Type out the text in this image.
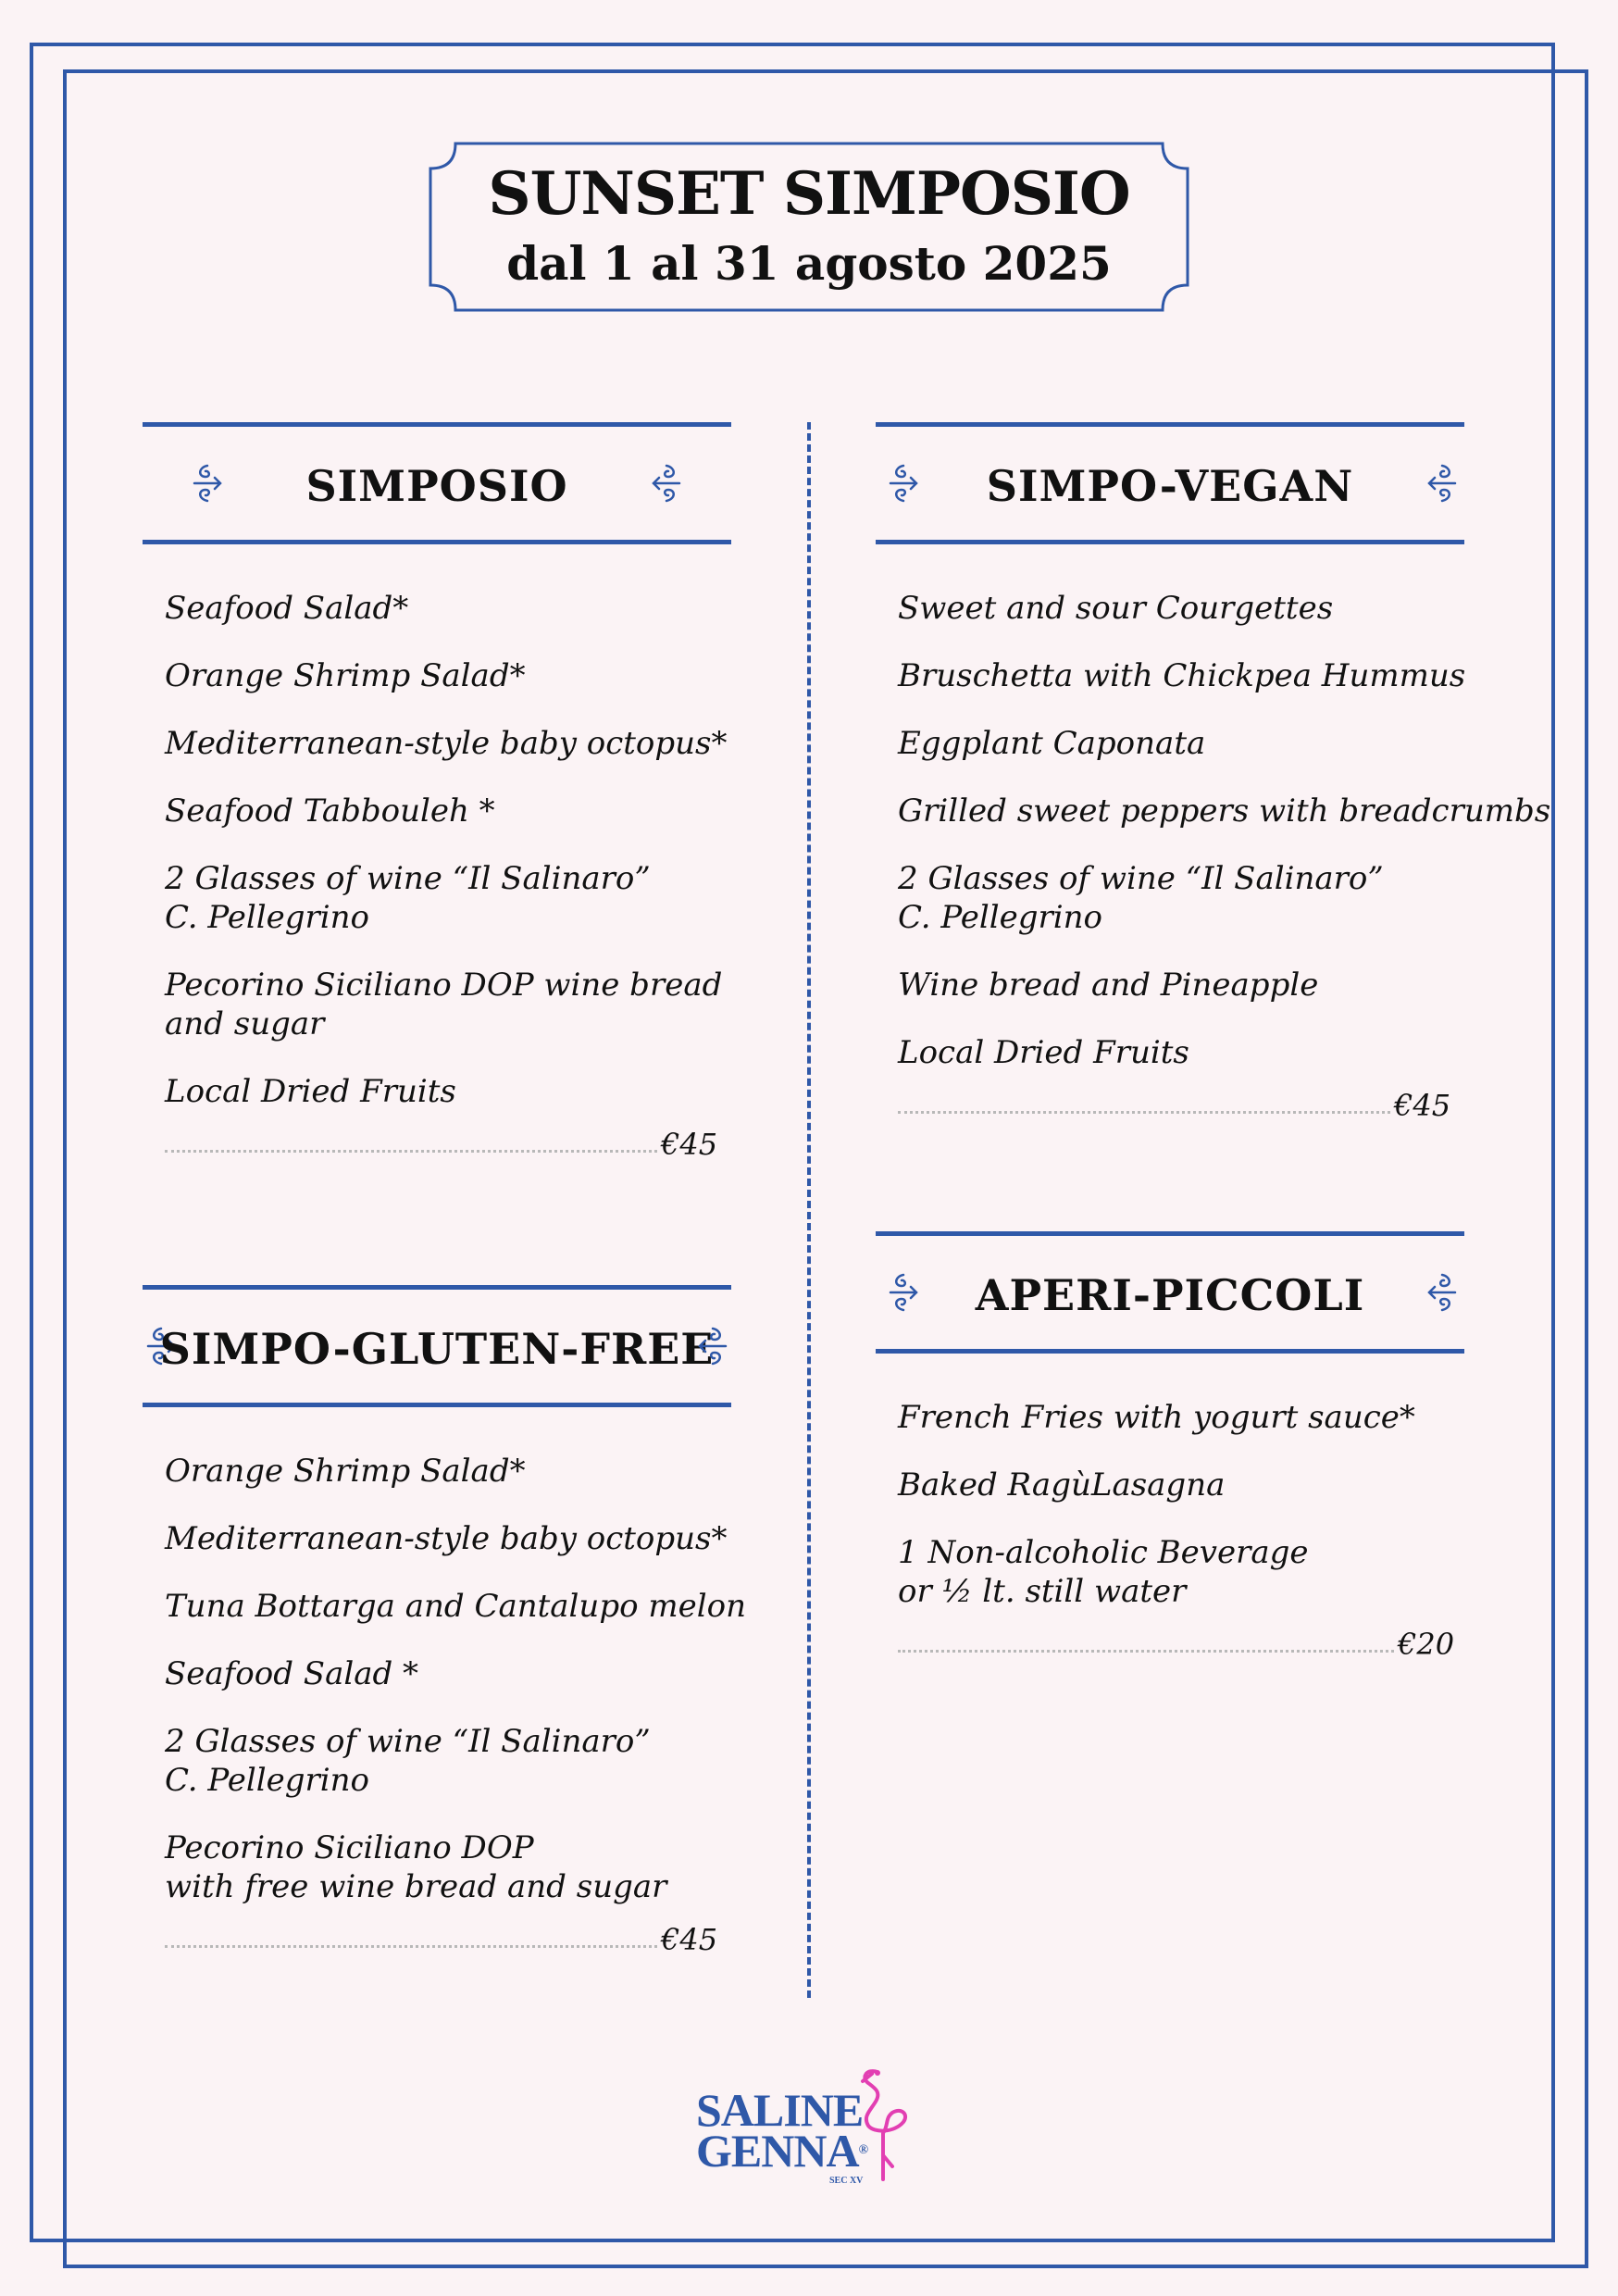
SUNSET SIMPOSIO
dal 1 al 31 agosto 2025
SIMPOSIO
Seafood Salad*
Orange Shrimp Salad*
Mediterranean-style baby octopus*
Seafood Tabbouleh *
2 Glasses of wine “Il Salinaro”
C. Pellegrino
Pecorino Siciliano DOP wine bread
and sugar
Local Dried Fruits
€45
SIMPO-GLUTEN-FREE
Orange Shrimp Salad*
Mediterranean-style baby octopus*
Tuna Bottarga and Cantalupo melon
Seafood Salad *
2 Glasses of wine “Il Salinaro”
C. Pellegrino
Pecorino Siciliano DOP
with free wine bread and sugar
€45
SIMPO-VEGAN
Sweet and sour Courgettes
Bruschetta with Chickpea Hummus
Eggplant Caponata
Grilled sweet peppers with breadcrumbs
2 Glasses of wine “Il Salinaro”
C. Pellegrino
Wine bread and Pineapple
Local Dried Fruits
€45
APERI-PICCOLI
French Fries with yogurt sauce*
Baked RagùLasagna
1 Non-alcoholic Beverage
or ½ lt. still water
€20
SALINE
GENNA®
SEC XV
